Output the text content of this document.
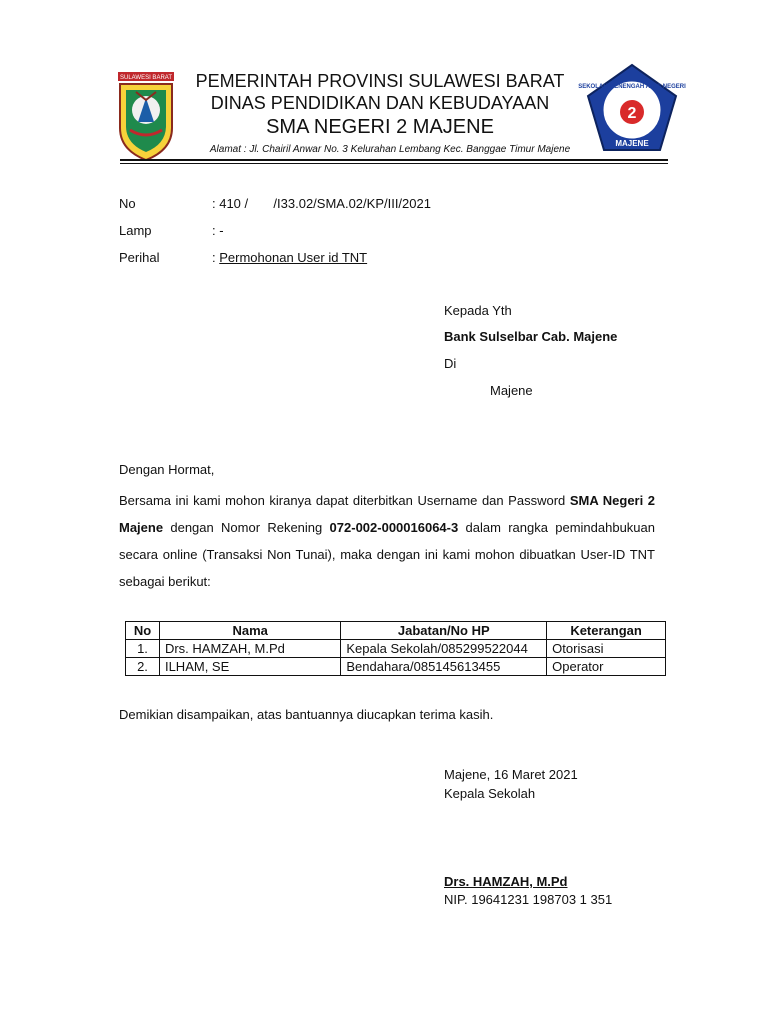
SULAWESI BARAT
SEKOLAH MENENGAH ATAS NEGERI
2
MAJENE
PEMERINTAH PROVINSI SULAWESI BARAT
DINAS PENDIDIKAN DAN KEBUDAYAAN
SMA NEGERI 2 MAJENE
Alamat : Jl. Chairil Anwar No. 3 Kelurahan Lembang Kec. Banggae Timur Majene
No	: 410 /       /I33.02/SMA.02/KP/III/2021
Lamp	: -
Perihal	: Permohonan User id TNT
Kepada Yth
Bank Sulselbar Cab. Majene
Di
Majene
Dengan Hormat,
Bersama ini kami mohon kiranya dapat diterbitkan Username dan Password SMA Negeri 2 Majene dengan Nomor Rekening 072-002-000016064-3 dalam rangka pemindahbukuan secara online (Transaksi Non Tunai), maka dengan ini kami mohon dibuatkan User-ID TNT sebagai berikut:
No	Nama	Jabatan/No HP	Keterangan
1.	Drs. HAMZAH, M.Pd	Kepala Sekolah/085299522044	Otorisasi
2.	ILHAM, SE	Bendahara/085145613455	Operator
Demikian disampaikan, atas bantuannya diucapkan terima kasih.
Majene, 16 Maret 2021
Kepala Sekolah
Drs. HAMZAH, M.Pd
NIP. 19641231 198703 1 351
